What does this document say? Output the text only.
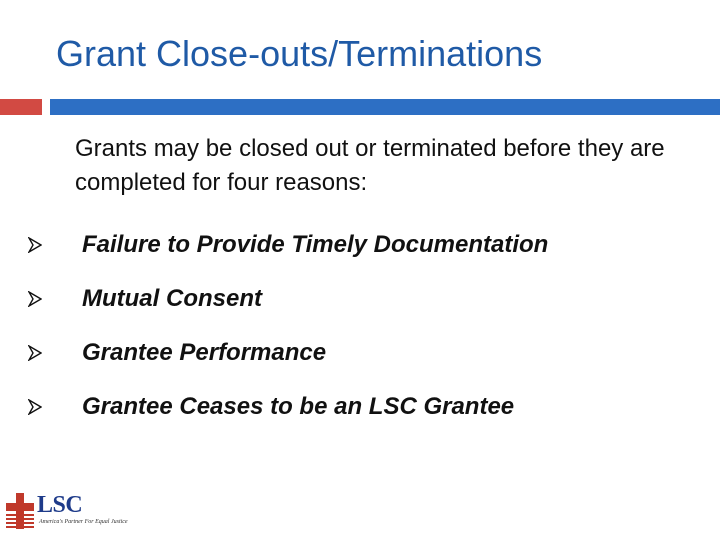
Grant Close-outs/Terminations
Grants may be closed out or terminated before they are completed for four reasons:
Failure to Provide Timely Documentation
Mutual Consent
Grantee Performance
Grantee Ceases to be an LSC Grantee
LSC
America's Partner For Equal Justice
